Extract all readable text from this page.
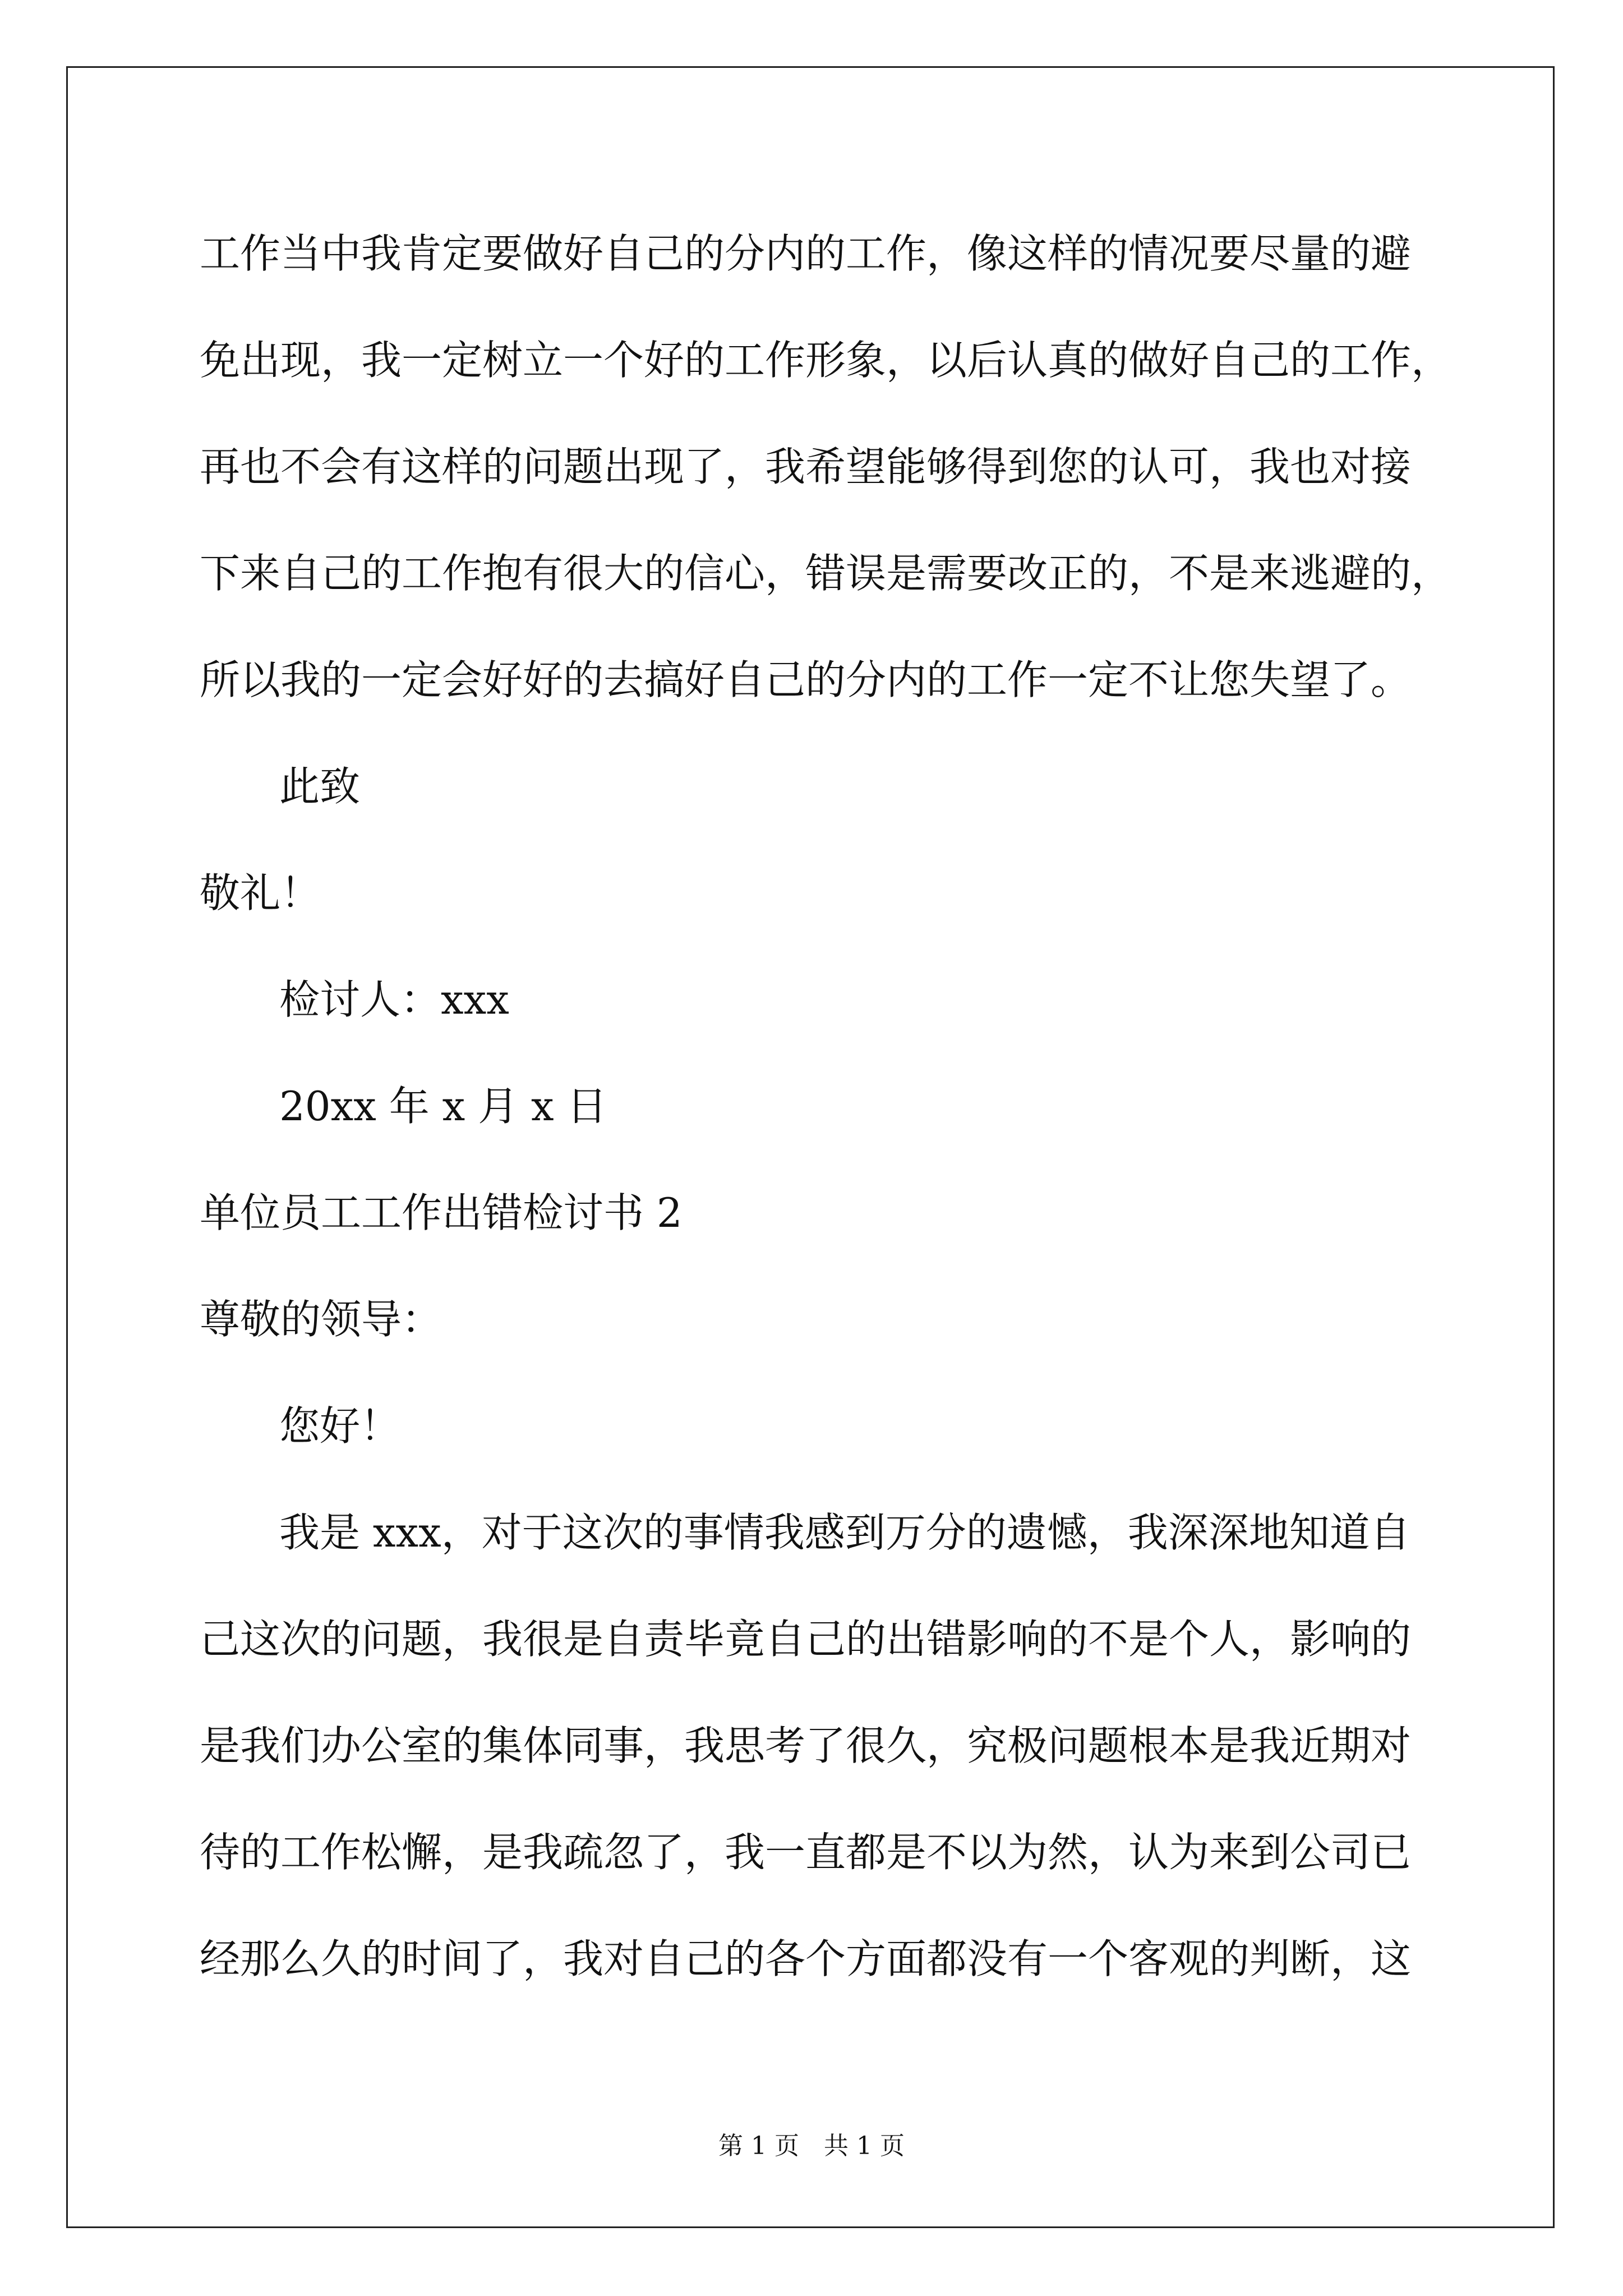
工作当中我肯定要做好自己的分内的工作，像这样的情况要尽量的避
免出现，我一定树立一个好的工作形象，以后认真的做好自己的工作，
再也不会有这样的问题出现了，我希望能够得到您的认可，我也对接
下来自己的工作抱有很大的信心，错误是需要改正的，不是来逃避的，
所以我的一定会好好的去搞好自己的分内的工作一定不让您失望了。
此致
敬礼！
检讨人：xxx
20xx 年 x 月 x 日
单位员工工作出错检讨书 2
尊敬的领导：
您好！
我是 xxx，对于这次的事情我感到万分的遗憾，我深深地知道自
己这次的问题，我很是自责毕竟自己的出错影响的不是个人，影响的
是我们办公室的集体同事，我思考了很久，究极问题根本是我近期对
待的工作松懈，是我疏忽了，我一直都是不以为然，认为来到公司已
经那么久的时间了，我对自己的各个方面都没有一个客观的判断，这
第 1 页　共 1 页
